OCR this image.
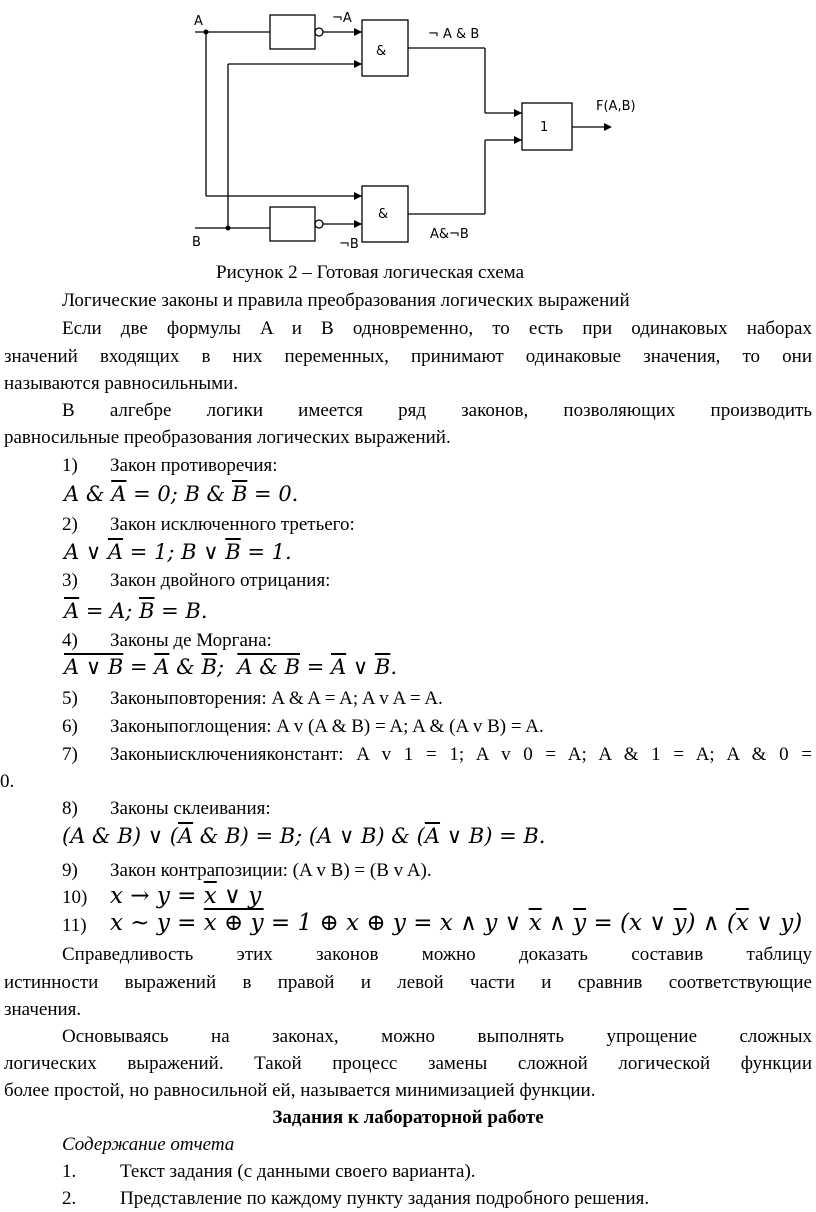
A
B
¬A
¬B
&
&
1
¬ A & B
A&¬B
F(A,B)
Рисунок 2 – Готовая логическая схема
Логические законы и правила преобразования логических выражений
Если две формулы A и B одновременно, то есть при одинаковых наборах
значений входящих в них переменных, принимают одинаковые значения, то они
называются равносильными.
В алгебре логики имеется ряд законов, позволяющих производить
равносильные преобразования логических выражений.
1) Закон противоречия:
A & $\overline{A} = 0$; B & $\overline{B} = 0$.
2) Закон исключенного третьего:
A ∨ $\overline{A} = 1$; B ∨ $\overline{B} = 1$.
3) Закон двойного отрицания:
$\overline{A} = A$; $\overline{B} = B$.
4) Законы де Моргана:
A ∨ $B = \overline{A}$ & $\overline{B}$;  A & $B = \overline{A}$ ∨ $\overline{B}$.
5) Законыповторения: A & A = A; A v A = A.
6) Законыпоглощения: A v (A & B) = A; A & (A v B) = A.
7) Законыисключенияконстант: A v 1 = 1; A v 0 = A; A & 1 = A; A & 0 =
0.
8) Законы склеивания:
(A & B) ∨ ($\overline{A}$ & B) = B; (A ∨ B) & ($\overline{A}$ ∨ B) = B.
9) Закон контрапозиции: (A v B) = (B v A).
10) $x \to y = \overline{x}$ ∨ y
11) x ~ y = x ⊕ y = 1 ⊕ x ⊕ y = x ∧ y ∨ $\overline{x}$ ∧ $\overline{y} = (x$ ∨ $\overline{y}$) ∧ ($\overline{x}$ ∨ y)
Справедливость этих законов можно доказать составив таблицу
истинности выражений в правой и левой части и сравнив соответствующие
значения.
Основываясь на законах, можно выполнять упрощение сложных
логических выражений. Такой процесс замены сложной логической функции
более простой, но равносильной ей, называется минимизацией функции.
Задания к лабораторной работе
Содержание отчета
1. Текст задания (с данными своего варианта).
2. Представление по каждому пункту задания подробного решения.
